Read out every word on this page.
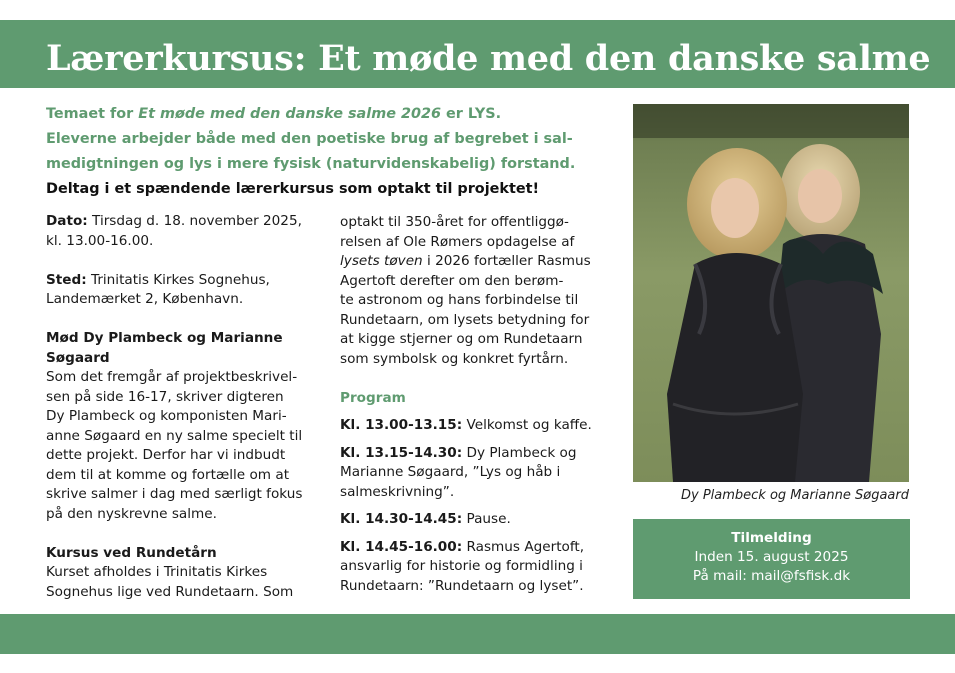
Lærerkursus: Et møde med den danske salme
Temaet for Et møde med den danske salme 2026 er LYS.
Eleverne arbejder både med den poetiske brug af begrebet i sal-
medigtningen og lys i mere fysisk (naturvidenskabelig) forstand.
Deltag i et spændende lærerkursus som optakt til projektet!

Dato: Tirsdag d. 18. november 2025,
kl. 13.00-16.00.

Sted: Trinitatis Kirkes Sognehus,
Landemærket 2, København.

Mød Dy Plambeck og Marianne
Søgaard
Som det fremgår af projektbeskrivel-
sen på side 16-17, skriver digteren
Dy Plambeck og komponisten Mari-
anne Søgaard en ny salme specielt til
dette projekt. Derfor har vi indbudt
dem til at komme og fortælle om at
skrive salmer i dag med særligt fokus
på den nyskrevne salme.

Kursus ved Rundetårn
Kurset afholdes i Trinitatis Kirkes
Sognehus lige ved Rundetaarn. Som

optakt til 350-året for offentliggø-
relsen af Ole Rømers opdagelse af
lysets tøven i 2026 fortæller Rasmus
Agertoft derefter om den berøm-
te astronom og hans forbindelse til
Rundetaarn, om lysets betydning for
at kigge stjerner og om Rundetaarn
som symbolsk og konkret fyrtårn.

Program

Kl. 13.00-13.15: Velkomst og kaffe.

Kl. 13.15-14.30: Dy Plambeck og
Marianne Søgaard, ”Lys og håb i
salmeskrivning”.

Kl. 14.30-14.45: Pause.

Kl. 14.45-16.00: Rasmus Agertoft,
ansvarlig for historie og formidling i
Rundetaarn: ”Rundetaarn og lyset”.

Dy Plambeck og Marianne Søgaard
Tilmelding
Inden 15. august 2025
På mail: mail@fsfisk.dk
